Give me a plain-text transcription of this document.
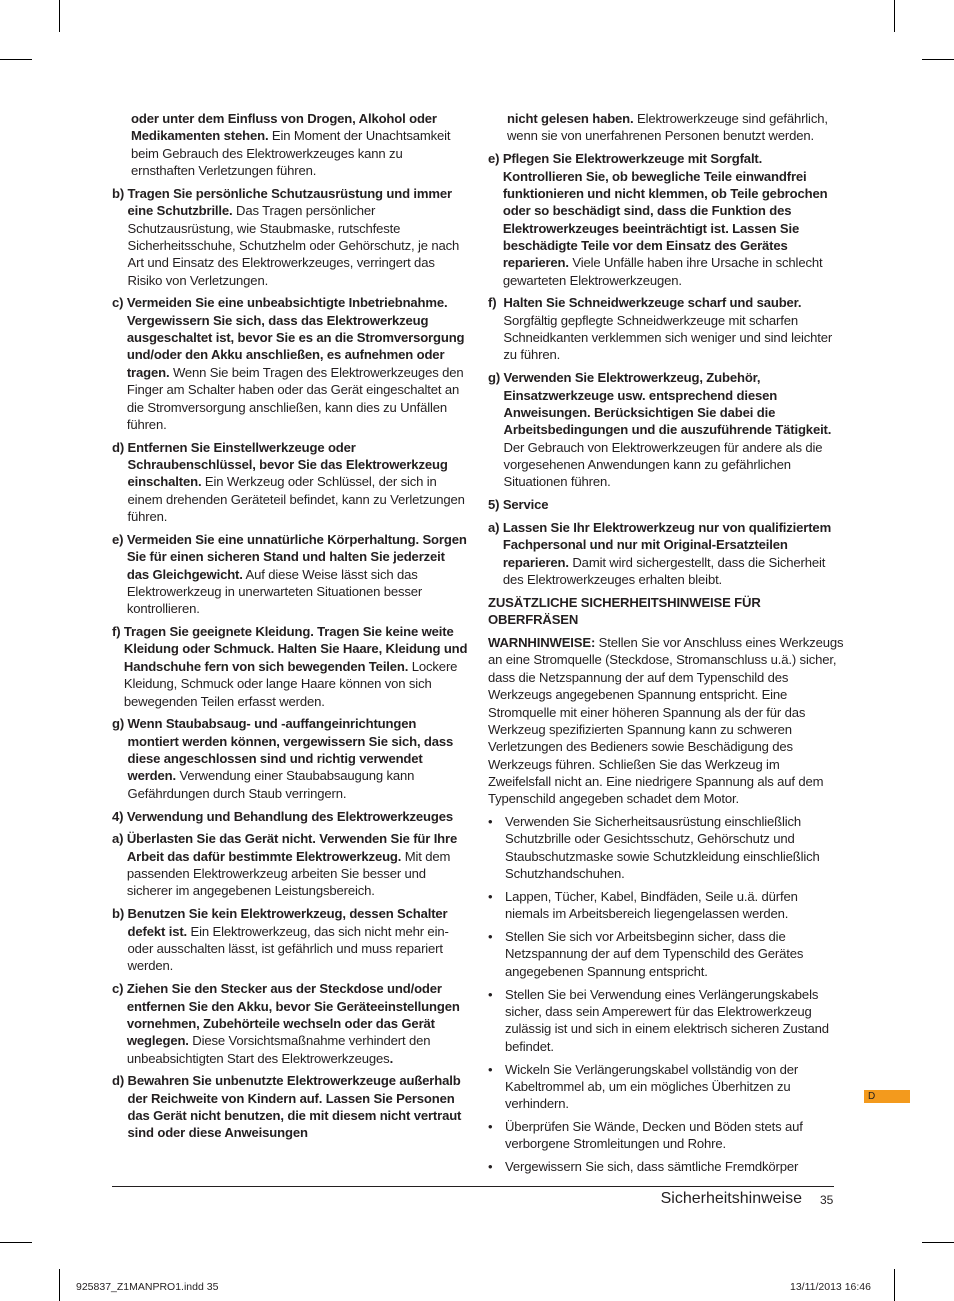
oder unter dem Einfluss von Drogen, Alkohol oder Medikamenten stehen. Ein Moment der Unachtsamkeit beim Gebrauch des Elektrowerkzeuges kann zu ernsthaften Verletzungen führen.
b) Tragen Sie persönliche Schutzausrüstung und immer eine Schutzbrille. Das Tragen persönlicher Schutzausrüstung, wie Staubmaske, rutschfeste Sicherheitsschuhe, Schutzhelm oder Gehörschutz, je nach Art und Einsatz des Elektrowerkzeuges, verringert das Risiko von Verletzungen.
c) Vermeiden Sie eine unbeabsichtigte Inbetriebnahme. Vergewissern Sie sich, dass das Elektrowerkzeug ausgeschaltet ist, bevor Sie es an die Stromversorgung und/oder den Akku anschließen, es aufnehmen oder tragen. Wenn Sie beim Tragen des Elektrowerkzeuges den Finger am Schalter haben oder das Gerät eingeschaltet an die Stromversorgung anschließen, kann dies zu Unfällen führen.
d) Entfernen Sie Einstellwerkzeuge oder Schraubenschlüssel, bevor Sie das Elektrowerkzeug einschalten. Ein Werkzeug oder Schlüssel, der sich in einem drehenden Geräteteil befindet, kann zu Verletzungen führen.
e) Vermeiden Sie eine unnatürliche Körperhaltung. Sorgen Sie für einen sicheren Stand und halten Sie jederzeit das Gleichgewicht. Auf diese Weise lässt sich das Elektrowerkzeug in unerwarteten Situationen besser kontrollieren.
f) Tragen Sie geeignete Kleidung. Tragen Sie keine weite Kleidung oder Schmuck. Halten Sie Haare, Kleidung und Handschuhe fern von sich bewegenden Teilen. Lockere Kleidung, Schmuck oder lange Haare können von sich bewegenden Teilen erfasst werden.
g) Wenn Staubabsaug- und -auffangeinrichtungen montiert werden können, vergewissern Sie sich, dass diese angeschlossen sind und richtig verwendet werden. Verwendung einer Staubabsaugung kann Gefährdungen durch Staub verringern.
4) Verwendung und Behandlung des Elektrowerkzeuges
a) Überlasten Sie das Gerät nicht. Verwenden Sie für Ihre Arbeit das dafür bestimmte Elektrowerkzeug. Mit dem passenden Elektrowerkzeug arbeiten Sie besser und sicherer im angegebenen Leistungsbereich.
b) Benutzen Sie kein Elektrowerkzeug, dessen Schalter defekt ist. Ein Elektrowerkzeug, das sich nicht mehr ein- oder ausschalten lässt, ist gefährlich und muss repariert werden.
c) Ziehen Sie den Stecker aus der Steckdose und/oder entfernen Sie den Akku, bevor Sie Geräteeinstellungen vornehmen, Zubehörteile wechseln oder das Gerät weglegen. Diese Vorsichtsmaßnahme verhindert den unbeabsichtigten Start des Elektrowerkzeuges.
d) Bewahren Sie unbenutzte Elektrowerkzeuge außerhalb der Reichweite von Kindern auf. Lassen Sie Personen das Gerät nicht benutzen, die mit diesem nicht vertraut sind oder diese Anweisungen
nicht gelesen haben. Elektrowerkzeuge sind gefährlich, wenn sie von unerfahrenen Personen benutzt werden.
e) Pflegen Sie Elektrowerkzeuge mit Sorgfalt. Kontrollieren Sie, ob bewegliche Teile einwandfrei funktionieren und nicht klemmen, ob Teile gebrochen oder so beschädigt sind, dass die Funktion des Elektrowerkzeuges beeinträchtigt ist. Lassen Sie beschädigte Teile vor dem Einsatz des Gerätes reparieren. Viele Unfälle haben ihre Ursache in schlecht gewarteten Elektrowerkzeugen.
f) Halten Sie Schneidwerkzeuge scharf und sauber. Sorgfältig gepflegte Schneidwerkzeuge mit scharfen Schneidkanten verklemmen sich weniger und sind leichter zu führen.
g) Verwenden Sie Elektrowerkzeug, Zubehör, Einsatzwerkzeuge usw. entsprechend diesen Anweisungen. Berücksichtigen Sie dabei die Arbeitsbedingungen und die auszuführende Tätigkeit. Der Gebrauch von Elektrowerkzeugen für andere als die vorgesehenen Anwendungen kann zu gefährlichen Situationen führen.
5) Service
a) Lassen Sie Ihr Elektrowerkzeug nur von qualifiziertem Fachpersonal und nur mit Original-Ersatzteilen reparieren. Damit wird sichergestellt, dass die Sicherheit des Elektrowerkzeuges erhalten bleibt.
ZUSÄTZLICHE SICHERHEITSHINWEISE FÜR OBERFRÄSEN
WARNHINWEISE: Stellen Sie vor Anschluss eines Werkzeugs an eine Stromquelle (Steckdose, Stromanschluss u.ä.) sicher, dass die Netzspannung der auf dem Typenschild des Werkzeugs angegebenen Spannung entspricht. Eine Stromquelle mit einer höheren Spannung als der für das Werkzeug spezifizierten Spannung kann zu schweren Verletzungen des Bedieners sowie Beschädigung des Werkzeugs führen. Schließen Sie das Werkzeug im Zweifelsfall nicht an. Eine niedrigere Spannung als auf dem Typenschild angegeben schadet dem Motor.
• Verwenden Sie Sicherheitsausrüstung einschließlich Schutzbrille oder Gesichtsschutz, Gehörschutz und Staubschutzmaske sowie Schutzkleidung einschließlich Schutzhandschuhen.
• Lappen, Tücher, Kabel, Bindfäden, Seile u.ä. dürfen niemals im Arbeitsbereich liegengelassen werden.
• Stellen Sie sich vor Arbeitsbeginn sicher, dass die Netzspannung der auf dem Typenschild des Gerätes angegebenen Spannung entspricht.
• Stellen Sie bei Verwendung eines Verlängerungskabels sicher, dass sein Amperewert für das Elektrowerkzeug zulässig ist und sich in einem elektrisch sicheren Zustand befindet.
• Wickeln Sie Verlängerungskabel vollständig von der Kabeltrommel ab, um ein mögliches Überhitzen zu verhindern.
• Überprüfen Sie Wände, Decken und Böden stets auf verborgene Stromleitungen und Rohre.
• Vergewissern Sie sich, dass sämtliche Fremdkörper
Sicherheitshinweise 35
D
925837_Z1MANPRO1.indd 35	13/11/2013 16:46
